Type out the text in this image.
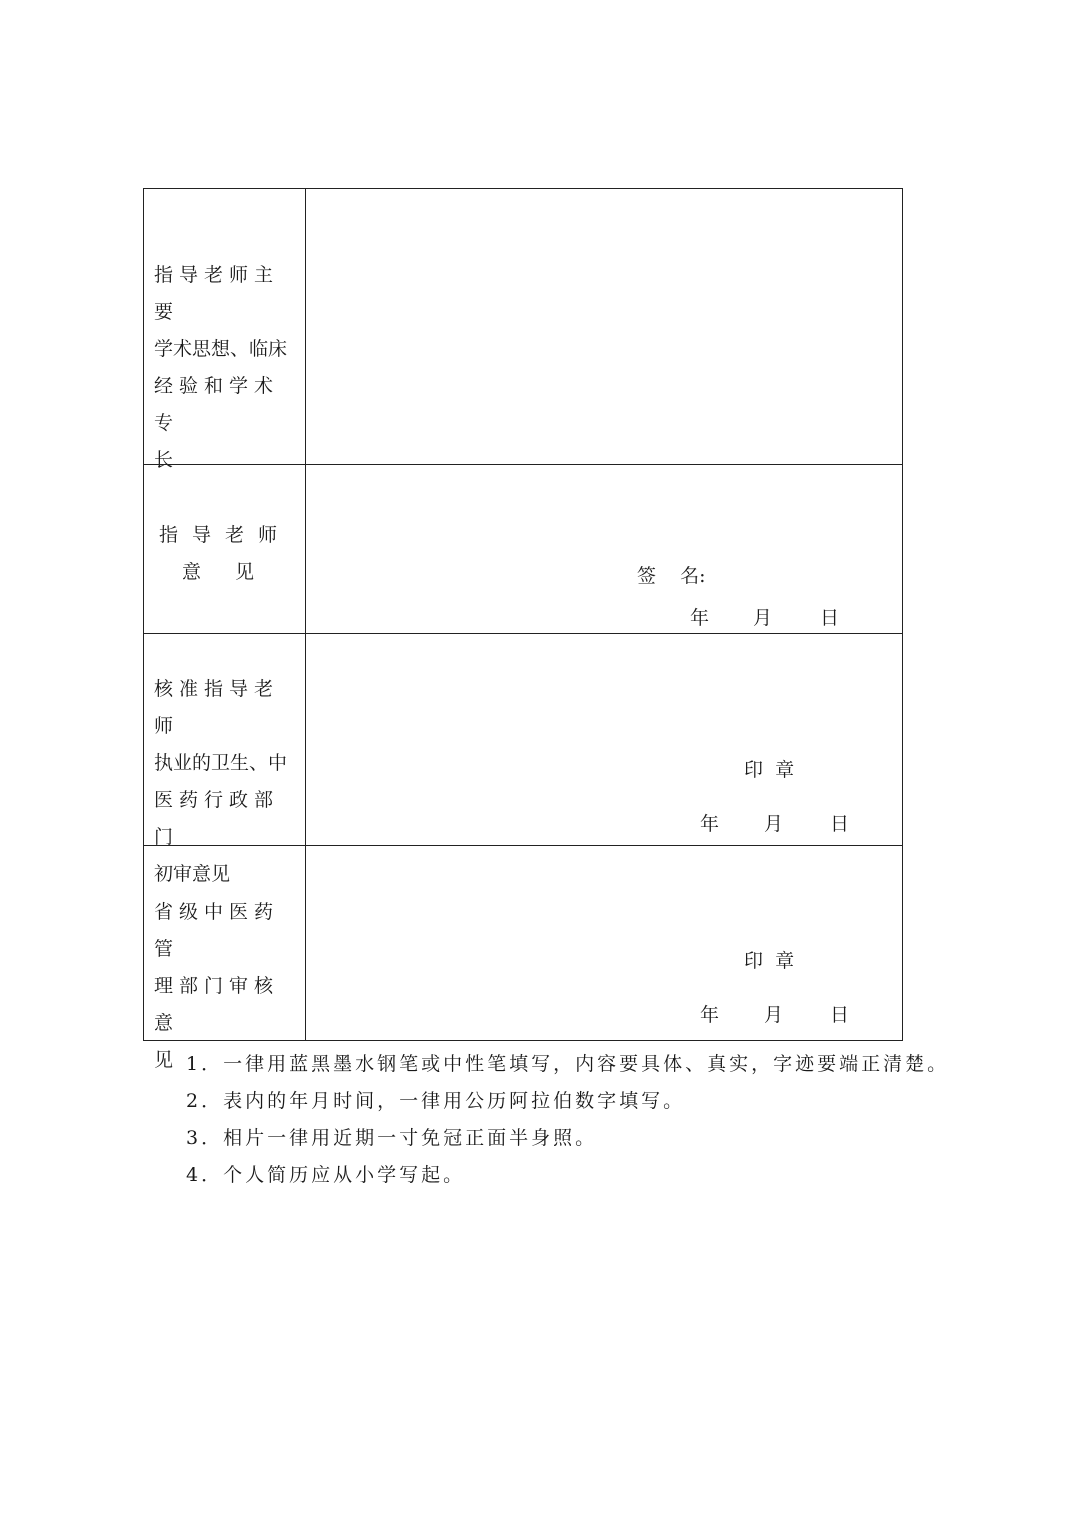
指导老师主要
学术思想、临床
经验和学术专
长
指导老师
意 见	签    名:
年 月	日
核准指导老师
执业的卫生、中
医药行政部门
初审意见
印  章
年 月 日
省级中医药管
理部门审核意
见
印  章
年 月 日
1．一律用蓝黑墨水钢笔或中性笔填写，内容要具体、真实，字迹要端正清楚。
2．表内的年月时间，一律用公历阿拉伯数字填写。
3．相片一律用近期一寸免冠正面半身照。
4．个人简历应从小学写起。
